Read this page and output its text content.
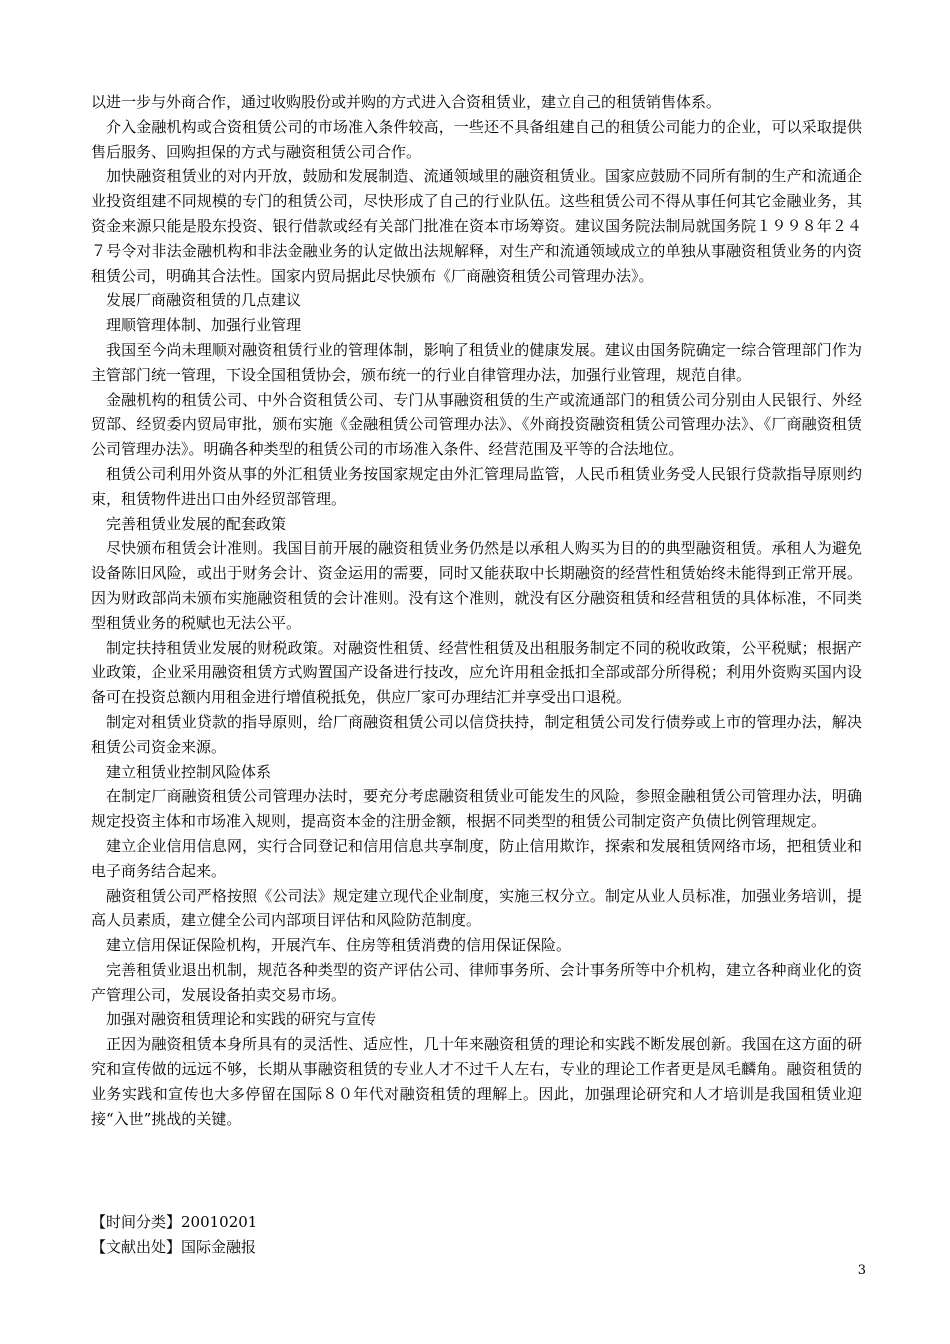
以进一步与外商合作，通过收购股份或并购的方式进入合资租赁业，建立自己的租赁销售体系。

介入金融机构或合资租赁公司的市场准入条件较高，一些还不具备组建自己的租赁公司能力的企业，可以采取提供售后服务、回购担保的方式与融资租赁公司合作。

加快融资租赁业的对内开放，鼓励和发展制造、流通领域里的融资租赁业。国家应鼓励不同所有制的生产和流通企业投资组建不同规模的专门的租赁公司，尽快形成了自己的行业队伍。这些租赁公司不得从事任何其它金融业务，其资金来源只能是股东投资、银行借款或经有关部门批准在资本市场筹资。建议国务院法制局就国务院１９９８年２４７号令对非法金融机构和非法金融业务的认定做出法规解释，对生产和流通领域成立的单独从事融资租赁业务的内资租赁公司，明确其合法性。国家内贸局据此尽快颁布《厂商融资租赁公司管理办法》。

发展厂商融资租赁的几点建议

理顺管理体制、加强行业管理

我国至今尚未理顺对融资租赁行业的管理体制，影响了租赁业的健康发展。建议由国务院确定一综合管理部门作为主管部门统一管理，下设全国租赁协会，颁布统一的行业自律管理办法，加强行业管理，规范自律。

金融机构的租赁公司、中外合资租赁公司、专门从事融资租赁的生产或流通部门的租赁公司分别由人民银行、外经贸部、经贸委内贸局审批，颁布实施《金融租赁公司管理办法》、《外商投资融资租赁公司管理办法》、《厂商融资租赁公司管理办法》。明确各种类型的租赁公司的市场准入条件、经营范围及平等的合法地位。

租赁公司利用外资从事的外汇租赁业务按国家规定由外汇管理局监管，人民币租赁业务受人民银行贷款指导原则约束，租赁物件进出口由外经贸部管理。

完善租赁业发展的配套政策

尽快颁布租赁会计准则。我国目前开展的融资租赁业务仍然是以承租人购买为目的的典型融资租赁。承租人为避免设备陈旧风险，或出于财务会计、资金运用的需要，同时又能获取中长期融资的经营性租赁始终未能得到正常开展。因为财政部尚未颁布实施融资租赁的会计准则。没有这个准则，就没有区分融资租赁和经营租赁的具体标准，不同类型租赁业务的税赋也无法公平。

制定扶持租赁业发展的财税政策。对融资性租赁、经营性租赁及出租服务制定不同的税收政策，公平税赋；根据产业政策，企业采用融资租赁方式购置国产设备进行技改，应允许用租金抵扣全部或部分所得税；利用外资购买国内设备可在投资总额内用租金进行增值税抵免，供应厂家可办理结汇并享受出口退税。

制定对租赁业贷款的指导原则，给厂商融资租赁公司以信贷扶持，制定租赁公司发行债券或上市的管理办法，解决租赁公司资金来源。

建立租赁业控制风险体系

在制定厂商融资租赁公司管理办法时，要充分考虑融资租赁业可能发生的风险，参照金融租赁公司管理办法，明确规定投资主体和市场准入规则，提高资本金的注册金额，根据不同类型的租赁公司制定资产负债比例管理规定。

建立企业信用信息网，实行合同登记和信用信息共享制度，防止信用欺诈，探索和发展租赁网络市场，把租赁业和电子商务结合起来。

融资租赁公司严格按照《公司法》规定建立现代企业制度，实施三权分立。制定从业人员标准，加强业务培训，提高人员素质，建立健全公司内部项目评估和风险防范制度。

建立信用保证保险机构，开展汽车、住房等租赁消费的信用保证保险。

完善租赁业退出机制，规范各种类型的资产评估公司、律师事务所、会计事务所等中介机构，建立各种商业化的资产管理公司，发展设备拍卖交易市场。

加强对融资租赁理论和实践的研究与宣传

正因为融资租赁本身所具有的灵活性、适应性，几十年来融资租赁的理论和实践不断发展创新。我国在这方面的研究和宣传做的远远不够，长期从事融资租赁的专业人才不过千人左右，专业的理论工作者更是凤毛麟角。融资租赁的业务实践和宣传也大多停留在国际８０年代对融资租赁的理解上。因此，加强理论研究和人才培训是我国租赁业迎接“入世”挑战的关键。

【时间分类】20010201

【文献出处】国际金融报

3
